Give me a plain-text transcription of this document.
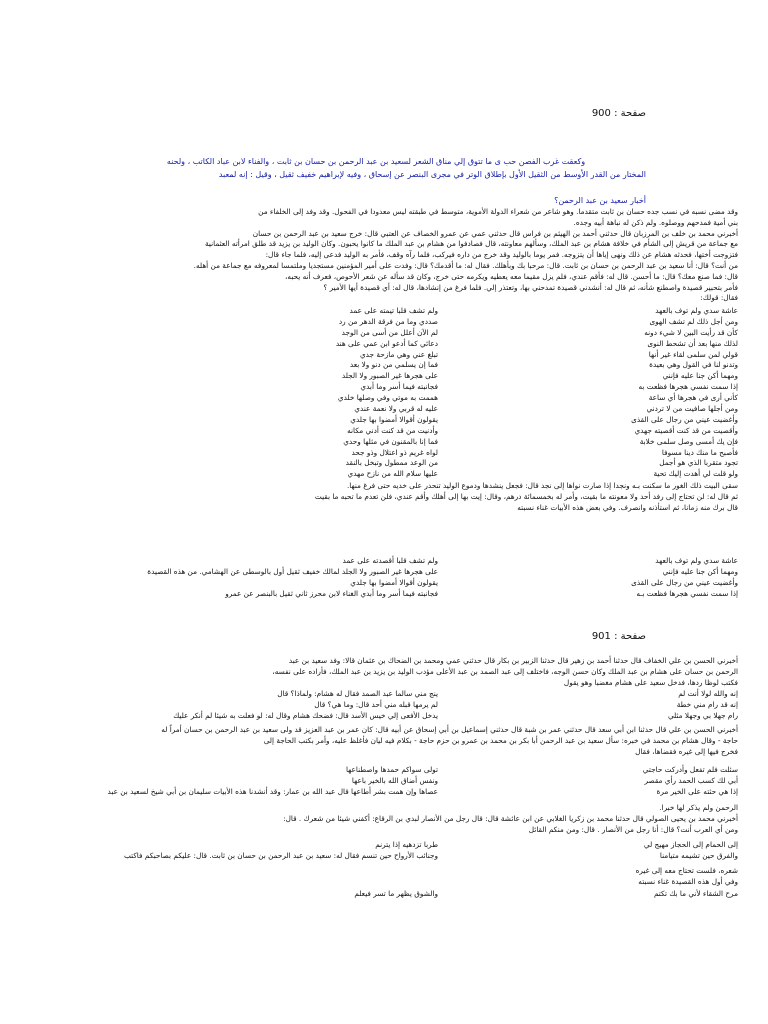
صفحة : 900
وكعقت غرب الفصن حب ى ما تتوق إلي مناق الشعر لسعيد بن عبد الرحمن بن حسان بن ثابت ، والفناء لابن عباد الكاتب ، ولحنه
المختار من القدر الأوسط من الثقيل الأول بإطلاق الوتر في مجرى البنصر عن إسحاق ، وفيه لإبراهيم خفيف ثقيل ، وقيل : إنه لمعبد
أخبار سعيد بن عبد الرحمن؟
وقد مضى نسبه في نسب جده حسان بن ثابت متقدما. وهو شاعر من شعراء الدولة الأموية، متوسط في طبقته ليس معدودا في الفحول. وقد وفد إلى الخلفاء من
بني أمية فمدحهم ووصلوه. ولم ذكن له نباهة أبيه وجده.
أخبرني محمد بن خلف بن المرزبان قال حدثني أحمد بن الهيثم بن فراس قال حدثني عمي عن عمرو الخصاف عن العتبي قال: خرج سعيد بن عبد الرحمن بن حسان
مع جماعة من قريش إلى الشأم في خلافة هشام بن عبد الملك، وسألهم معاونته، قال فصادفوا من هشام بن عبد الملك ما كانوا يحبون. وكان الوليد بن يزيد قد طلق امرأته العثمانية
فتزوجت أختها، فحدثه هشام عن ذلك ونهى إياها أن يتزوجه. فمر يوما بالوليد وقد خرج من داره فيركب، فلما رآه وقف، فأمر به الوليد فدعى إليه، فلما جاء قال:
من أنت؟ قال: أنا سعيد بن عبد الرحمن بن حسان بن ثابت. قال: مرحبا بك وبأهلك. فقال له: ما أقدمك؟ قال: وفدت على أمير المؤمنين مستجديا وملتمسا لمعروفه مع جماعة من أهله.
قال: فما صنع معك؟ قال: ما أحسن. قال له: فأقم عندي، فلم يزل مقيما معه يعطيه ويكرمه حتى خرج، وكان قد سأله عن شعر الأحوص، فعرف أنه يحبه،
فأمر بتحبير قصيدة واصطنع شأنه، ثم قال له: أنشدني قصيدة تمدحني بها، وتعتذر إلي. فلما فرغ من إنشادها، قال له: أي قصيدة أيها الأمير ؟
فقال: قولك:
عاشة سدي ولم توف بالعهد
ولم تشف قلبا تيمته على عمد
ومن أجل ذلك لم تشف الهوى
صددي وما من فرقة الدهر من رد
كأن قد رأيت البين لا شيء دونه
لم الآن أعلل من أسى من الوجد
لذلك منها بعد أن تشحط النوى
دعائي كما أدعو ابن عمي على هند
قولي لمن سلمى لقاء غير أنها
تبلغ عني وهي مازحة جدي
وتدنو لنا في القول وهي بعيدة
فما إن يسلمي من دنو ولا بعد
ومهما أكن جنا عليه فإنني
على هجرها غير الصبور ولا الجلد
إذا سمت نفسي هجرها فظعت به
فجانبته فيما أسر وما أبدي
كأني أرى في هجرها أي ساعة
هممت به موتي وفي وصلها خلدي
ومن أجلها صافيت من لا تردني
عليه له قربي ولا نعمة عندي
وأغضيت عيني من رجال على القذى
يقولون أقوالا أمضوا بها جلدي
وأقصيت من قد كنت أقصيته جهدي
وأدنيت من قد كنت أدني مكانه
فإن يك أمسى وصل سلمى خلابة
فما إنا بالمقنون في مثلها وحدي
فأصبح ما منك دينا مسوفا
لواه غريم ذو اعتلال وذو جحد
تجود متقربا الذي هو أجمل
من الوعد ممطول وتبخل بالنقد
ولو قلت لي أهدت إليك تحية
عليها سلام الله من نازح مهدي
سقى البيت ذلك الغور ما سكنت بـه ونجدا إذا صارت نواها إلى نجد قال: فجعل ينشدها ودموع الوليد تنحدر على خديه حتى فرغ منها.
ثم قال له: لن تحتاج إلى رفد أحد ولا معونته ما بقيت، وأمر له بخمسمائة درهم، وقال: إيت بها إلى أهلك وأقم عندي، فلن تعدم ما تحبه ما بقيت
قال برك منه زمانا، ثم استأذنه وانصرف. وفي بعض هذه الأبيات غناء نسبته
عاشة سدي ولم توف بالعهد
ولم تشف قلبا أقصدته على عمد
ومهما أكن جنا عليه فإنني
على هجرها غير الصبور ولا الجلد لمالك خفيف ثقيل أول بالوسطى عن الهشامي. من هذه القصيدة
وأغضيت عيني من رجال على القذى
يقولون أقوالا أمضوا بها جلدي
إذا سمت نفسي هجرها فظعت بـه
فجانبته فيما أسر وما أبدي الغناء لابن محرز ثاني ثقيل بالبنصر عن عمرو
صفحة : 901
أخبرني الحسن بن علي الخفاف قال حدثنا أحمد بن زهير قال حدثنا الزبير بن بكار قال حدثني عمي ومحمد بن الضحاك بن عثمان قالا: وفد سعيد بن عبد
الرحمن بن حسان على هشام بن عبد الملك وكان حسن الوجه، فاختلف إلى عبد الصمد بن عبد الأعلى مؤدب الوليد بن يزيد بن عبد الملك، فأراده على نفسه،
فكتب لوظا ردها، فدخل سعيد على هشام مغضبا وهو يقول
إنه والله لولا أنت لم
ينج مني سالما عبد الصمد فقال له هشام: ولماذا؟ قال
إنه قد رام مني خطة
لم يرمها قبله مني أحد قال: وما هي؟ قال
رام جهلا بي وجهلا مثلي
يدخل الأفعى إلي خيس الأسد قال: فضحك هشام وقال له: لو فعلت به شيئا لم أنكر عليك
أخبرني الحسن بن علي قال حدثنا ابن أبي سعد قال حدثني عمر بن شبة قال حدثني إسماعيل بن أبي إسحاق عن أبيه قال: كان عمر بن عبد العزيز قد ولى سعيد بن عبد الرحمن بن حسان أمراً له
حاجة - وقال هشام بن محمد في خبره: سأل سعيد بن عبد الرحمن أبا بكر بن محمد بن عمرو بن حزم حاجة - بكلام فيه ليان فأغلظ عليه، وأمر بكتب الحاجة إلى
فخرج فيها إلى غيره فقضاها، فقال
سئلت فلم تفعل وأدركت حاجتي
تولى سواكم حمدها واصطناعها
أبي لك كسب الحمد رأي مقصر
ونفس أضاق الله بالخير باعها
إذا هي حثته على الخير مرة
عصاها وإن همت بشر أطاعها قال عبد الله بن عمار: وقد أنشدنا هذه الأبيات سليمان بن أبي شيخ لسعيد بن عبد
الرحمن ولم يذكر لها خبرا.
أخبرني محمد بن يحيى الصولي قال حدثنا محمد بن زكريا الغلابي عن ابن عائشة قال: قال رجل من الأنصار لبدي بن الرقاع: أكفني شيئا من شعرك . قال:
ومن أي العرب أنت؟ قال: أنا رجل من الأنصار . قال: ومن منكم القائل
إلى الحمام إلى الحجاز مهيج لي
طربا تزدهيه إذا يترنم
والفرق حين تشيمه متيامنا
وجنائب الأرواح حين تنسم فقال له: سعيد بن عبد الرحمن بن حسان بن ثابت. قال: عليكم بصاحبكم فاكتب
شعره، فلست تحتاج معه إلى غيره
وفي أول هذه القصيدة غناء نسبته
مرح الشقاء لأني ما بك تكتم
والشوق يظهر ما تسر فيعلم
